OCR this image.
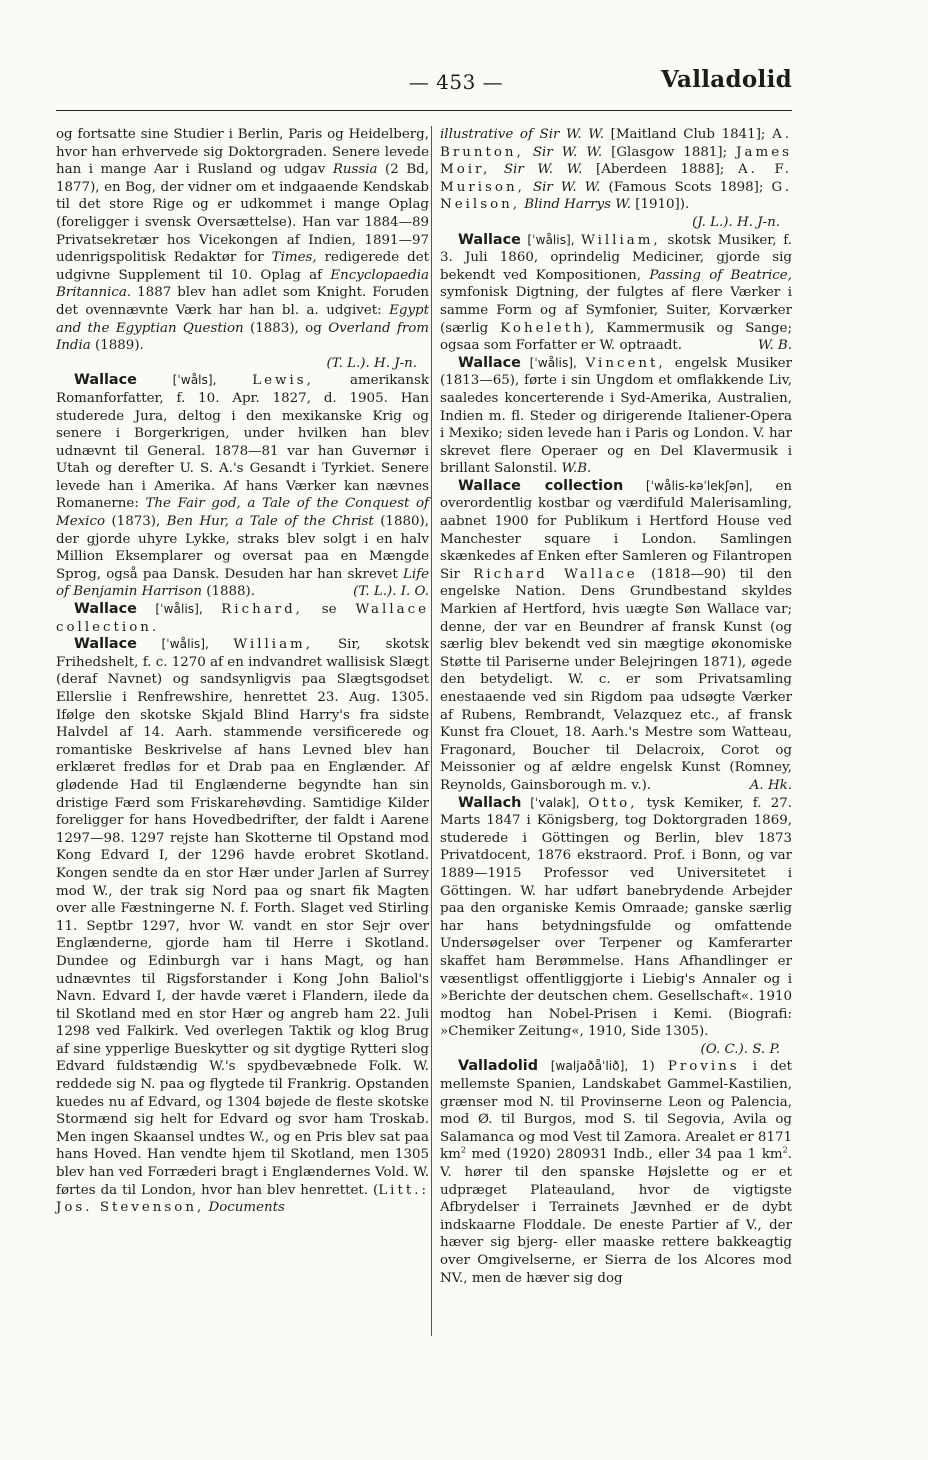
— 453 —	Valladolid

og fortsatte sine Studier i Berlin, Paris og Heidelberg, hvor han erhvervede sig Doktorgraden. Senere levede han i mange Aar i Rusland og udgav Russia (2 Bd, 1877), en Bog, der vidner om et indgaaende Kendskab til det store Rige og er udkommet i mange Oplag (foreligger i svensk Oversættelse). Han var 1884—89 Privatsekretær hos Vicekongen af Indien, 1891—97 udenrigspolitisk Redaktør for Times, redigerede det udgivne Supplement til 10. Oplag af Encyclopaedia Britannica. 1887 blev han adlet som Knight. Foruden det ovennævnte Værk har han bl. a. udgivet: Egypt and the Egyptian Question (1883), og Overland from India (1889).

(T. L.). H. J-n.

Wallace [ˈwåls], Lewis, amerikansk Romanforfatter, f. 10. Apr. 1827, d. 1905. Han studerede Jura, deltog i den mexikanske Krig og senere i Borgerkrigen, under hvilken han blev udnævnt til General. 1878—81 var han Guvernør i Utah og derefter U. S. A.'s Gesandt i Tyrkiet. Senere levede han i Amerika. Af hans Værker kan nævnes Romanerne: The Fair god, a Tale of the Conquest of Mexico (1873), Ben Hur, a Tale of the Christ (1880), der gjorde uhyre Lykke, straks blev solgt i en halv Million Eksemplarer og oversat paa en Mængde Sprog, også paa Dansk. Desuden har han skrevet Life of Benjamin Harrison (1888).	(T. L.). I. O.

Wallace [ˈwålis], Richard, se Wallace collection.

Wallace [ˈwålis], William, Sir, skotsk Frihedshelt, f. c. 1270 af en indvandret wallisisk Slægt (deraf Navnet) og sandsynligvis paa Slægtsgodset Ellerslie i Renfrewshire, henrettet 23. Aug. 1305. Ifølge den skotske Skjald Blind Harry's fra sidste Halvdel af 14. Aarh. stammende versificerede og romantiske Beskrivelse af hans Levned blev han erklæret fredløs for et Drab paa en Englænder. Af glødende Had til Englænderne begyndte han sin dristige Færd som Friskarehøvding. Samtidige Kilder foreligger for hans Hovedbedrifter, der faldt i Aarene 1297—98. 1297 rejste han Skotterne til Opstand mod Kong Edvard I, der 1296 havde erobret Skotland. Kongen sendte da en stor Hær under Jarlen af Surrey mod W., der trak sig Nord paa og snart fik Magten over alle Fæstningerne N. f. Forth. Slaget ved Stirling 11. Septbr 1297, hvor W. vandt en stor Sejr over Englænderne, gjorde ham til Herre i Skotland. Dundee og Edinburgh var i hans Magt, og han udnævntes til Rigsforstander i Kong John Baliol's Navn. Edvard I, der havde været i Flandern, ilede da til Skotland med en stor Hær og angreb ham 22. Juli 1298 ved Falkirk. Ved overlegen Taktik og klog Brug af sine ypperlige Bueskytter og sit dygtige Rytteri slog Edvard fuldstændig W.'s spydbevæbnede Folk. W. reddede sig N. paa og flygtede til Frankrig. Opstanden kuedes nu af Edvard, og 1304 bøjede de fleste skotske Stormænd sig helt for Edvard og svor ham Troskab. Men ingen Skaansel undtes W., og en Pris blev sat paa hans Hoved. Han vendte hjem til Skotland, men 1305 blev han ved Forræderi bragt i Englændernes Vold. W. førtes da til London, hvor han blev henrettet. (Litt.: Jos. Stevenson, Documents

illustrative of Sir W. W. [Maitland Club 1841]; A. Brunton, Sir W. W. [Glasgow 1881]; James Moir, Sir W. W. [Aberdeen 1888]; A. F. Murison, Sir W. W. (Famous Scots 1898]; G. Neilson, Blind Harrys W. [1910]).

(J. L.). H. J-n.

Wallace [ˈwålis], William, skotsk Musiker, f. 3. Juli 1860, oprindelig Mediciner, gjorde sig bekendt ved Kompositionen, Passing of Beatrice, symfonisk Digtning, der fulgtes af flere Værker i samme Form og af Symfonier, Suiter, Korværker (særlig Koheleth), Kammermusik og Sange; ogsaa som Forfatter er W. optraadt.	W. B.

Wallace [ˈwålis], Vincent, engelsk Musiker (1813—65), førte i sin Ungdom et omflakkende Liv, saaledes koncerterende i Syd-Amerika, Australien, Indien m. fl. Steder og dirigerende Italiener-Opera i Mexiko; siden levede han i Paris og London. V. har skrevet flere Operaer og en Del Klavermusik i brillant Salonstil. W.B.

Wallace collection [ˈwålis-kəˈlekʃən], en overordentlig kostbar og værdifuld Malerisamling, aabnet 1900 for Publikum i Hertford House ved Manchester square i London. Samlingen skænkedes af Enken efter Samleren og Filantropen Sir Richard Wallace (1818—90) til den engelske Nation. Dens Grundbestand skyldes Markien af Hertford, hvis uægte Søn Wallace var; denne, der var en Beundrer af fransk Kunst (og særlig blev bekendt ved sin mægtige økonomiske Støtte til Pariserne under Belejringen 1871), øgede den betydeligt. W. c. er som Privatsamling enestaaende ved sin Rigdom paa udsøgte Værker af Rubens, Rembrandt, Velazquez etc., af fransk Kunst fra Clouet, 18. Aarh.'s Mestre som Watteau, Fragonard, Boucher til Delacroix, Corot og Meissonier og af ældre engelsk Kunst (Romney, Reynolds, Gainsborough m. v.).	A. Hk.

Wallach [ˈvalak], Otto, tysk Kemiker, f. 27. Marts 1847 i Königsberg, tog Doktorgraden 1869, studerede i Göttingen og Berlin, blev 1873 Privatdocent, 1876 ekstraord. Prof. i Bonn, og var 1889—1915 Professor ved Universitetet i Göttingen. W. har udført banebrydende Arbejder paa den organiske Kemis Omraade; ganske særlig har hans betydningsfulde og omfattende Undersøgelser over Terpener og Kamferarter skaffet ham Berømmelse. Hans Afhandlinger er væsentligst offentliggjorte i Liebig's Annaler og i »Berichte der deutschen chem. Gesellschaft«. 1910 modtog han Nobel-Prisen i Kemi. (Biografi: »Chemiker Zeitung«, 1910, Side 1305).

(O. C.). S. P.

Valladolid [waljaðåˈlið], 1) Provins i det mellemste Spanien, Landskabet Gammel-Kastilien, grænser mod N. til Provinserne Leon og Palencia, mod Ø. til Burgos, mod S. til Segovia, Avila og Salamanca og mod Vest til Zamora. Arealet er 8171 $km^2$ med (1920) 280931 Indb., eller 34 paa 1 $km^2$. V. hører til den spanske Højslette og er et udpræget Plateauland, hvor de vigtigste Afbrydelser i Terrainets Jævnhed er de dybt indskaarne Floddale. De eneste Partier af V., der hæver sig bjerg- eller maaske rettere bakkeagtig over Omgivelserne, er Sierra de los Alcores mod NV., men de hæver sig dog
